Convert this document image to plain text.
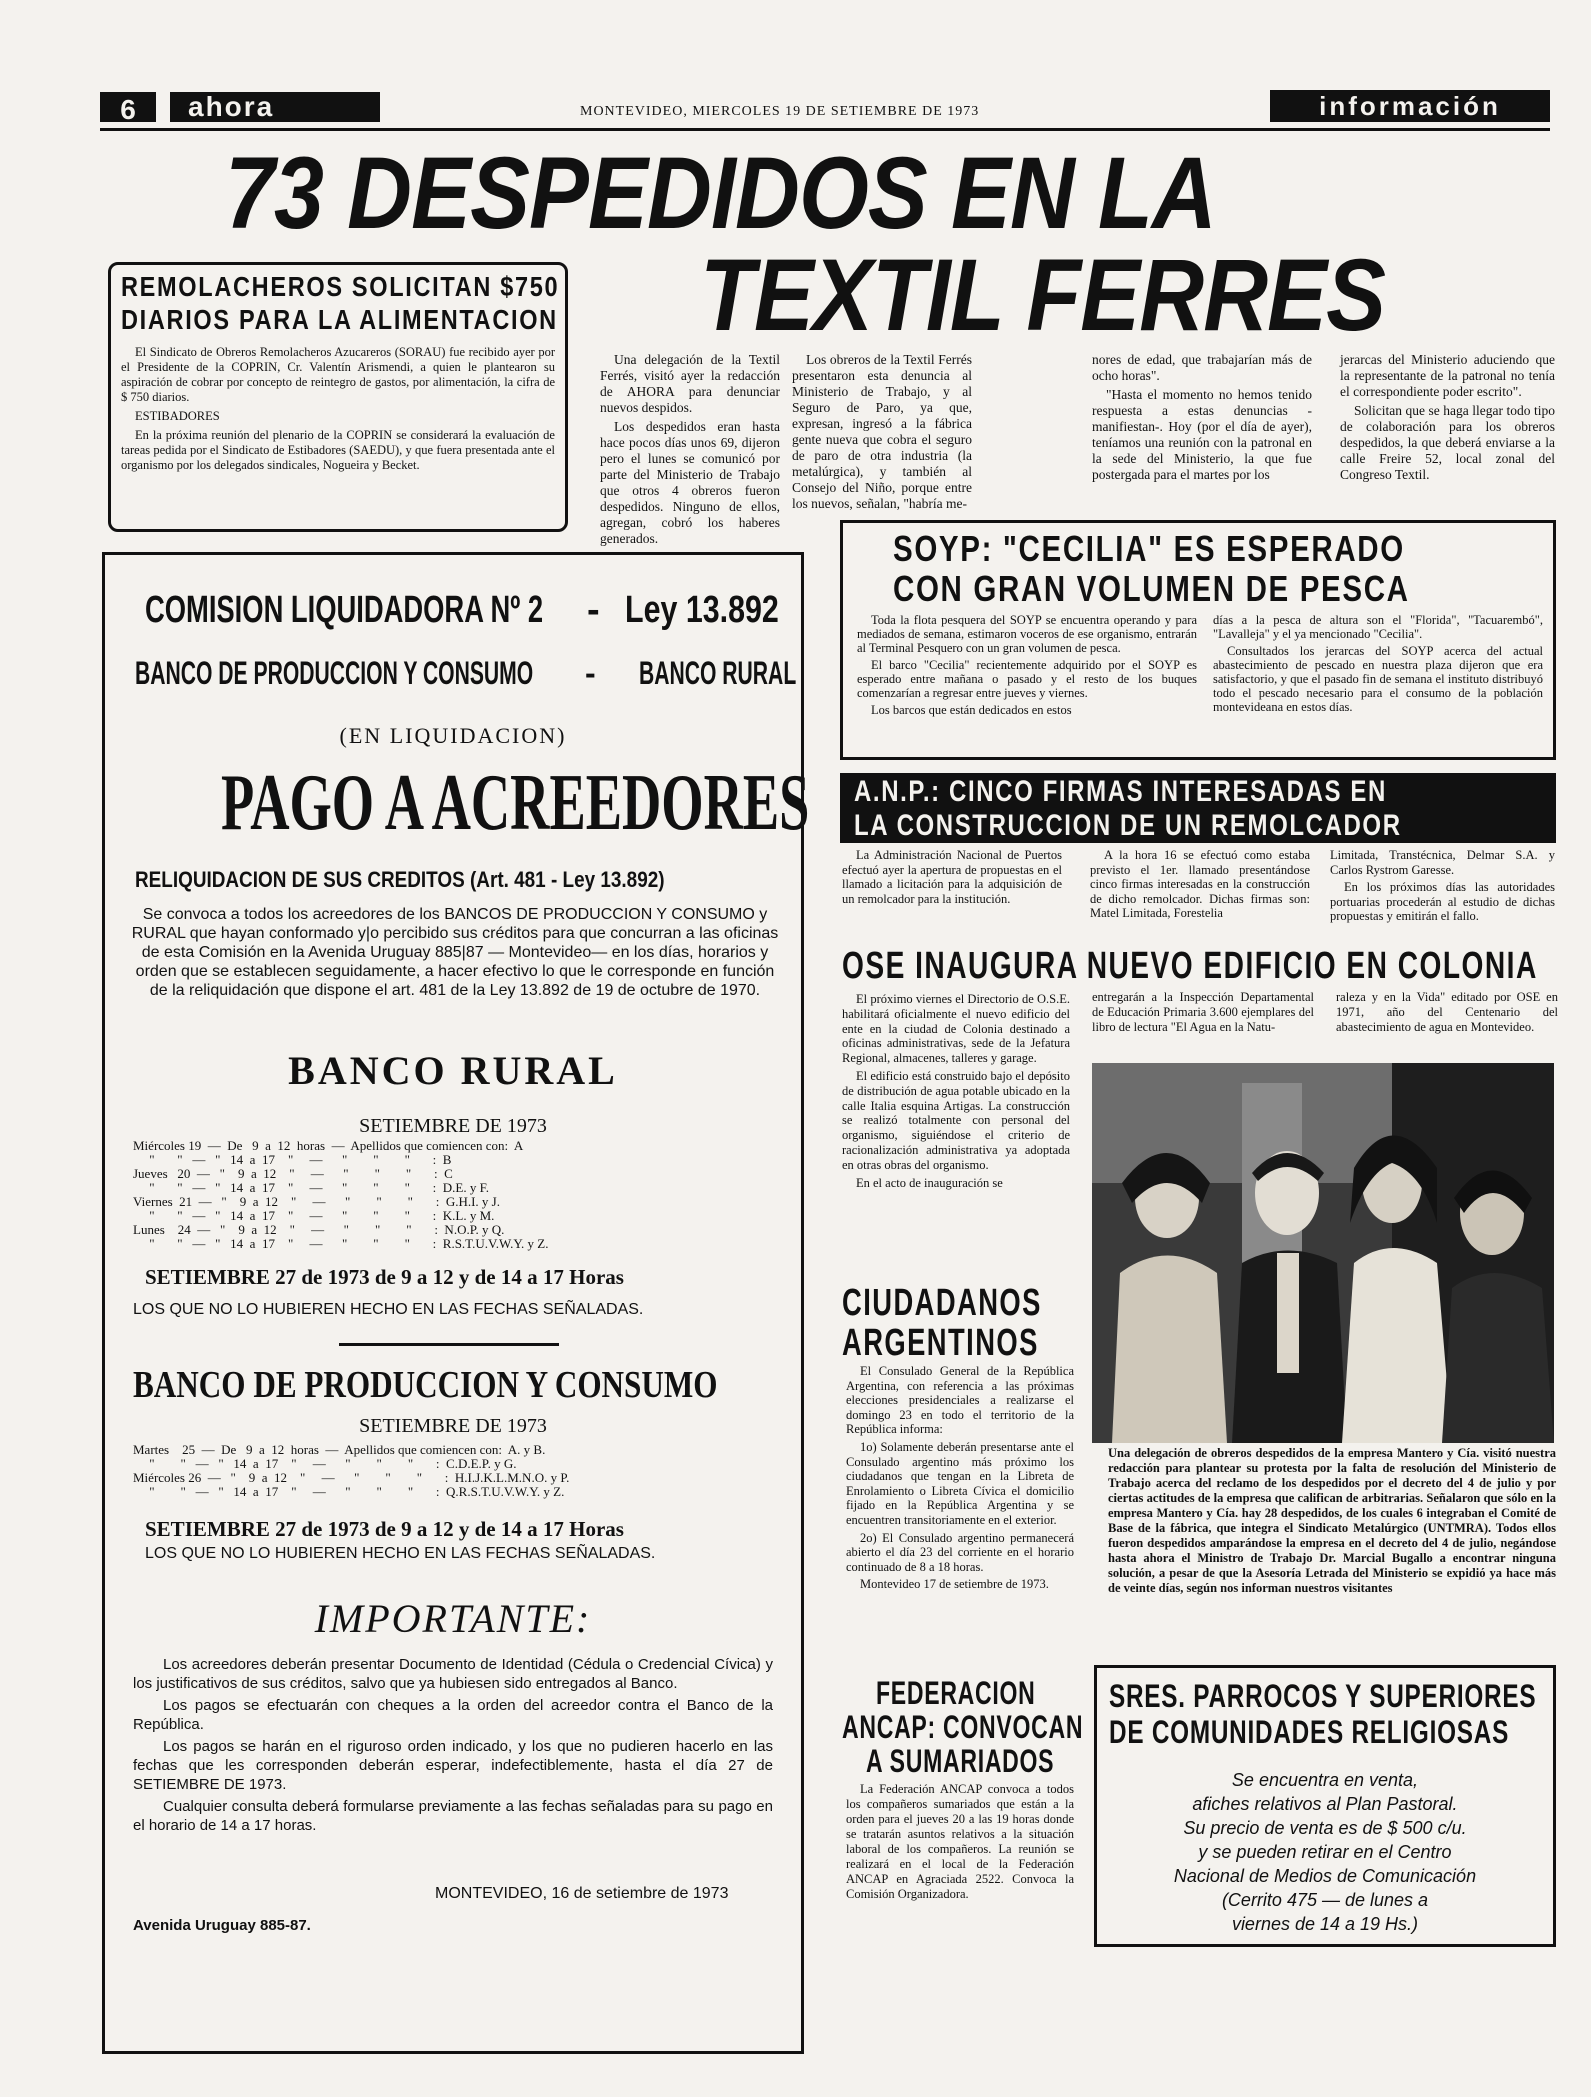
6	ahora	MONTEVIDEO, MIERCOLES 19 DE SETIEMBRE DE 1973	información
73 DESPEDIDOS EN LA
TEXTIL FERRES
REMOLACHEROS SOLICITAN $750
DIARIOS PARA LA ALIMENTACION

El Sindicato de Obreros Remolacheros Azucareros (SORAU) fue recibido ayer por el Presidente de la COPRIN, Cr. Valentín Arismendi, a quien le plantearon su aspiración de cobrar por concepto de reintegro de gastos, por alimentación, la cifra de $ 750 diarios.

ESTIBADORES

En la próxima reunión del plenario de la COPRIN se considerará la evaluación de tareas pedida por el Sindicato de Estibadores (SAEDU), y que fuera presentada ante el organismo por los delegados sindicales, Nogueira y Becket.

Una delegación de la Textil Ferrés, visitó ayer la redacción de AHORA para denunciar nuevos despidos.

Los despedidos eran hasta hace pocos días unos 69, dijeron pero el lunes se comunicó por parte del Ministerio de Trabajo que otros 4 obreros fueron despedidos. Ninguno de ellos, agregan, cobró los haberes generados.

Los obreros de la Textil Ferrés presentaron esta denuncia al Ministerio de Trabajo, y al Seguro de Paro, ya que, expresan, ingresó a la fábrica gente nueva que cobra el seguro de paro de otra industria (la metalúrgica), y también al Consejo del Niño, porque entre los nuevos, señalan, "habría me-

nores de edad, que trabajarían más de ocho horas".

"Hasta el momento no hemos tenido respuesta a estas denuncias -manifiestan-. Hoy (por el día de ayer), teníamos una reunión con la patronal en la sede del Ministerio, la que fue postergada para el martes por los

jerarcas del Ministerio aduciendo que la representante de la patronal no tenía el correspondiente poder escrito".

Solicitan que se haga llegar todo tipo de colaboración para los obreros despedidos, la que deberá enviarse a la calle Freire 52, local zonal del Congreso Textil.

COMISION LIQUIDADORA Nº 2 - Ley 13.892
BANCO DE PRODUCCION Y CONSUMO - BANCO RURAL
(EN LIQUIDACION)
PAGO A ACREEDORES
RELIQUIDACION DE SUS CREDITOS (Art. 481 - Ley 13.892)
Se convoca a todos los acreedores de los BANCOS DE PRODUCCION Y CONSUMO y RURAL que hayan conformado y|o percibido sus créditos para que concurran a las oficinas de esta Comisión en la Avenida Uruguay 885|87 — Montevideo— en los días, horarios y orden que se establecen seguidamente, a hacer efectivo lo que le corresponde en función de la reliquidación que dispone el art. 481 de la Ley 13.892 de 19 de octubre de 1970.
BANCO RURAL
SETIEMBRE DE 1973
Miércoles 19  —  De   9  a  12  horas  —  Apellidos que comiencen con:  A
"       "   —   "   14  a  17    "     —      "        "        "       :  B
Jueves   20  —   "    9  a  12    "     —      "        "        "       :  C
"       "   —   "   14  a  17    "     —      "        "        "       :  D.E. y F.
Viernes  21  —   "    9  a  12    "     —      "        "        "       :  G.H.I. y J.
"       "   —   "   14  a  17    "     —      "        "        "       :  K.L. y M.
Lunes    24  —   "    9  a  12    "     —      "        "        "       :  N.O.P. y Q.
"       "   —   "   14  a  17    "     —      "        "        "       :  R.S.T.U.V.W.Y. y Z.
SETIEMBRE 27 de 1973 de 9 a 12 y de 14 a 17 Horas
LOS QUE NO LO HUBIEREN HECHO EN LAS FECHAS SEÑALADAS.
BANCO DE PRODUCCION Y CONSUMO
SETIEMBRE DE 1973
Martes    25  —  De   9  a  12  horas  —  Apellidos que comiencen con:  A. y B.
"        "   —   "   14  a  17    "     —      "        "        "       :  C.D.E.P. y G.
Miércoles 26  —   "    9  a  12    "     —      "        "        "       :  H.I.J.K.L.M.N.O. y P.
"        "   —   "   14  a  17    "     —      "        "        "       :  Q.R.S.T.U.V.W.Y. y Z.
SETIEMBRE 27 de 1973 de 9 a 12 y de 14 a 17 Horas
LOS QUE NO LO HUBIEREN HECHO EN LAS FECHAS SEÑALADAS.
IMPORTANTE:

Los acreedores deberán presentar Documento de Identidad (Cédula o Credencial Cívica) y los justificativos de sus créditos, salvo que ya hubiesen sido entregados al Banco.

Los pagos se efectuarán con cheques a la orden del acreedor contra el Banco de la República.

Los pagos se harán en el riguroso orden indicado, y los que no pudieren hacerlo en las fechas que les corresponden deberán esperar, indefectiblemente, hasta el día 27 de SETIEMBRE DE 1973.

Cualquier consulta deberá formularse previamente a las fechas señaladas para su pago en el horario de 14 a 17 horas.

MONTEVIDEO, 16 de setiembre de 1973
Avenida Uruguay 885-87.
SOYP: "CECILIA" ES ESPERADO
CON GRAN VOLUMEN DE PESCA

Toda la flota pesquera del SOYP se encuentra operando y para mediados de semana, estimaron voceros de ese organismo, entrarán al Terminal Pesquero con un gran volumen de pesca.

El barco "Cecilia" recientemente adquirido por el SOYP es esperado entre mañana o pasado y el resto de los buques comenzarían a regresar entre jueves y viernes.

Los barcos que están dedicados en estos

días a la pesca de altura son el "Florida", "Tacuarembó", "Lavalleja" y el ya mencionado "Cecilia".

Consultados los jerarcas del SOYP acerca del actual abastecimiento de pescado en nuestra plaza dijeron que era satisfactorio, y que el pasado fin de semana el instituto distribuyó todo el pescado necesario para el consumo de la población montevideana en estos días.

A.N.P.: CINCO FIRMAS INTERESADAS EN
LA CONSTRUCCION DE UN REMOLCADOR

La Administración Nacional de Puertos efectuó ayer la apertura de propuestas en el llamado a licitación para la adquisición de un remolcador para la institución.

A la hora 16 se efectuó como estaba previsto el 1er. llamado presentándose cinco firmas interesadas en la construcción de dicho remolcador. Dichas firmas son: Matel Limitada, Forestelia

Limitada, Transtécnica, Delmar S.A. y Carlos Rystrom Garesse.

En los próximos días las autoridades portuarias procederán al estudio de dichas propuestas y emitirán el fallo.

OSE INAUGURA NUEVO EDIFICIO EN COLONIA

El próximo viernes el Directorio de O.S.E. habilitará oficialmente el nuevo edificio del ente en la ciudad de Colonia destinado a oficinas administrativas, sede de la Jefatura Regional, almacenes, talleres y garage.

El edificio está construido bajo el depósito de distribución de agua potable ubicado en la calle Italia esquina Artigas. La construcción se realizó totalmente con personal del organismo, siguiéndose el criterio de racionalización administrativa ya adoptada en otras obras del organismo.

En el acto de inauguración se

entregarán a la Inspección Departamental de Educación Primaria 3.600 ejemplares del libro de lectura "El Agua en la Natu-

raleza y en la Vida" editado por OSE en 1971, año del Centenario del abastecimiento de agua en Montevideo.

CIUDADANOS
ARGENTINOS

El Consulado General de la República Argentina, con referencia a las próximas elecciones presidenciales a realizarse el domingo 23 en todo el territorio de la República informa:

1o) Solamente deberán presentarse ante el Consulado argentino más próximo los ciudadanos que tengan en la Libreta de Enrolamiento o Libreta Cívica el domicilio fijado en la República Argentina y se encuentren transitoriamente en el exterior.

2o) El Consulado argentino permanecerá abierto el día 23 del corriente en el horario continuado de 8 a 18 horas.

Montevideo 17 de setiembre de 1973.

Una delegación de obreros despedidos de la empresa Mantero y Cía. visitó nuestra redacción para plantear su protesta por la falta de resolución del Ministerio de Trabajo acerca del reclamo de los despedidos por el decreto del 4 de julio y por ciertas actitudes de la empresa que califican de arbitrarias. Señalaron que sólo en la empresa Mantero y Cía. hay 28 despedidos, de los cuales 6 integraban el Comité de Base de la fábrica, que integra el Sindicato Metalúrgico (UNTMRA). Todos ellos fueron despedidos amparándose la empresa en el decreto del 4 de julio, negándose hasta ahora el Ministro de Trabajo Dr. Marcial Bugallo a encontrar ninguna solución, a pesar de que la Asesoría Letrada del Ministerio se expidió ya hace más de veinte días, según nos informan nuestros visitantes
FEDERACION
ANCAP: CONVOCAN
A SUMARIADOS
La Federación ANCAP convoca a todos los compañeros sumariados que están a la orden para el jueves 20 a las 19 horas donde se tratarán asuntos relativos a la situación laboral de los compañeros. La reunión se realizará en el local de la Federación ANCAP en Agraciada 2522. Convoca la Comisión Organizadora.
SRES. PARROCOS Y SUPERIORES
DE COMUNIDADES RELIGIOSAS
Se encuentra en venta,
afiches relativos al Plan Pastoral.
Su precio de venta es de $ 500 c/u.
y se pueden retirar en el Centro
Nacional de Medios de Comunicación
(Cerrito 475 — de lunes a
viernes de 14 a 19 Hs.)
